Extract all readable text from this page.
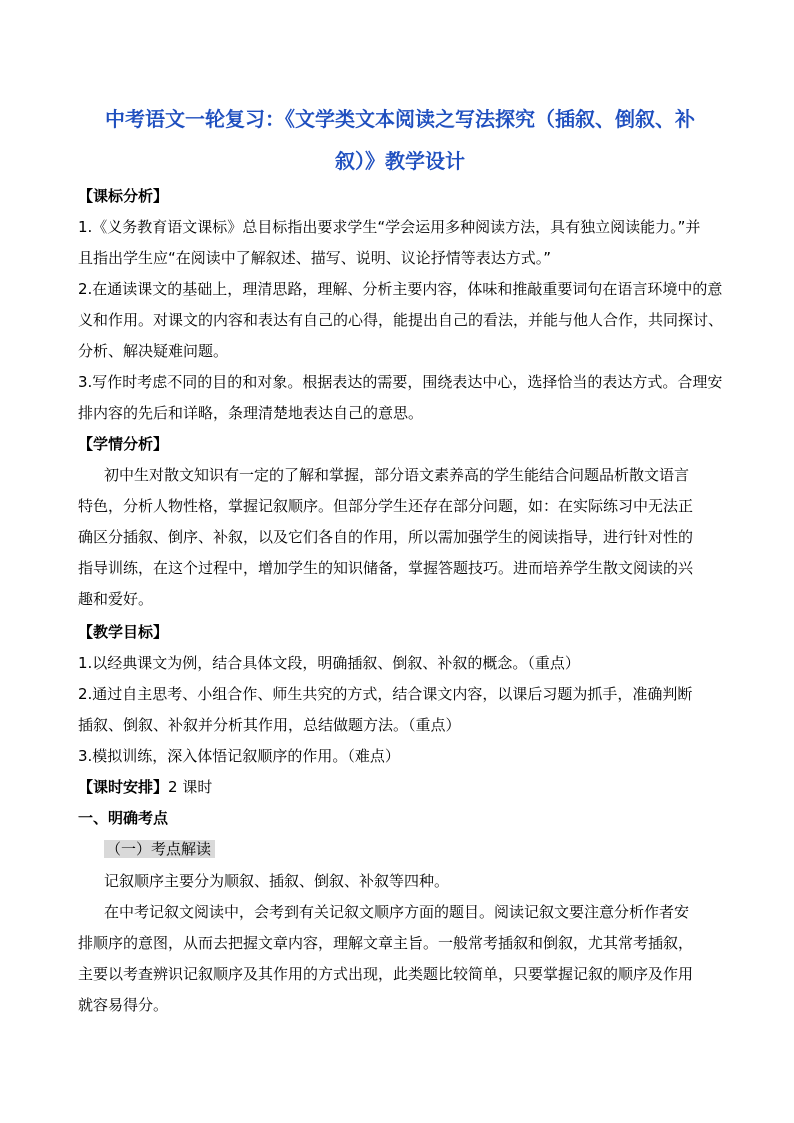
中考语文一轮复习：《文学类文本阅读之写法探究（插叙、倒叙、补
叙）》教学设计
【课标分析】
1.《义务教育语文课标》总目标指出要求学生“学会运用多种阅读方法，具有独立阅读能力。”并
且指出学生应“在阅读中了解叙述、描写、说明、议论抒情等表达方式。”
2.在通读课文的基础上，理清思路，理解、分析主要内容，体味和推敲重要词句在语言环境中的意
义和作用。对课文的内容和表达有自己的心得，能提出自己的看法，并能与他人合作，共同探讨、
分析、解决疑难问题。
3.写作时考虑不同的目的和对象。根据表达的需要，围绕表达中心，选择恰当的表达方式。合理安
排内容的先后和详略，条理清楚地表达自己的意思。
【学情分析】
初中生对散文知识有一定的了解和掌握，部分语文素养高的学生能结合问题品析散文语言
特色，分析人物性格，掌握记叙顺序。但部分学生还存在部分问题，如：在实际练习中无法正
确区分插叙、倒序、补叙，以及它们各自的作用，所以需加强学生的阅读指导，进行针对性的
指导训练，在这个过程中，增加学生的知识储备，掌握答题技巧。进而培养学生散文阅读的兴
趣和爱好。
【教学目标】
1.以经典课文为例，结合具体文段，明确插叙、倒叙、补叙的概念。（重点）
2.通过自主思考、小组合作、师生共究的方式，结合课文内容，以课后习题为抓手，准确判断
插叙、倒叙、补叙并分析其作用，总结做题方法。（重点）
3.模拟训练，深入体悟记叙顺序的作用。（难点）
【课时安排】2 课时
一、明确考点
（一）考点解读
记叙顺序主要分为顺叙、插叙、倒叙、补叙等四种。
在中考记叙文阅读中，会考到有关记叙文顺序方面的题目。阅读记叙文要注意分析作者安
排顺序的意图，从而去把握文章内容，理解文章主旨。一般常考插叙和倒叙，尤其常考插叙，
主要以考查辨识记叙顺序及其作用的方式出现，此类题比较简单，只要掌握记叙的顺序及作用
就容易得分。
